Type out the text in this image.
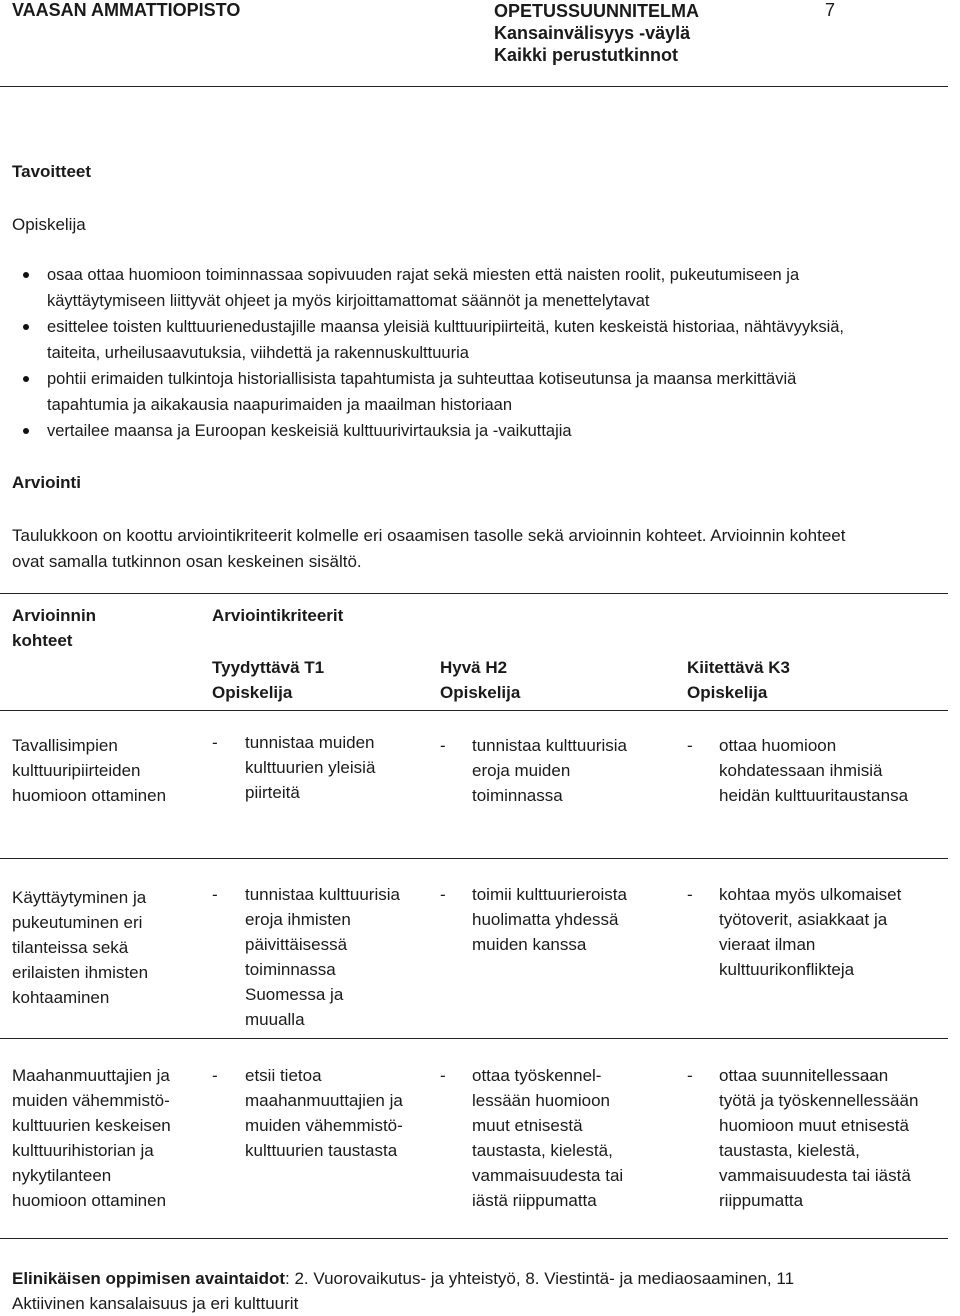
VAASAN AMMATTIOPISTO	OPETUSSUUNNITELMA
Kansainvälisyys -väylä
Kaikki perustutkinnot
7
Tavoitteet
Opiskelija
osaa ottaa huomioon toiminnassaa sopivuuden rajat sekä miesten että naisten roolit, pukeutumiseen ja
käyttäytymiseen liittyvät ohjeet ja myös kirjoittamattomat säännöt ja menettelytavat
esittelee toisten kulttuurienedustajille maansa yleisiä kulttuuripiirteitä, kuten keskeistä historiaa, nähtävyyksiä,
taiteita, urheilusaavutuksia, viihdettä ja rakennuskulttuuria
pohtii erimaiden tulkintoja historiallisista tapahtumista ja suhteuttaa kotiseutunsa ja maansa merkittäviä
tapahtumia ja aikakausia naapurimaiden ja maailman historiaan
vertailee maansa ja Euroopan keskeisiä kulttuurivirtauksia ja -vaikuttajia
Arviointi
Taulukkoon on koottu arviointikriteerit kolmelle eri osaamisen tasolle sekä arvioinnin kohteet. Arvioinnin kohteet
ovat samalla tutkinnon osan keskeinen sisältö.
Arvioinnin
kohteet
Arviointikriteerit
Tyydyttävä T1
Opiskelija
Hyvä H2
Opiskelija
Kiitettävä K3
Opiskelija
Tavallisimpien
kulttuuripiirteiden
huomioon ottaminen
- tunnistaa muiden
kulttuurien yleisiä
piirteitä
- tunnistaa kulttuurisia
eroja muiden
toiminnassa
- ottaa huomioon
kohdatessaan ihmisiä
heidän kulttuuritaustansa
Käyttäytyminen ja
pukeutuminen eri
tilanteissa sekä
erilaisten ihmisten
kohtaaminen
- tunnistaa kulttuurisia
eroja ihmisten
päivittäisessä
toiminnassa
Suomessa ja
muualla
- toimii kulttuurieroista
huolimatta yhdessä
muiden kanssa
- kohtaa myös ulkomaiset
työtoverit, asiakkaat ja
vieraat ilman
kulttuurikonflikteja
Maahanmuuttajien ja
muiden vähemmistö-
kulttuurien keskeisen
kulttuurihistorian ja
nykytilanteen
huomioon ottaminen
- etsii tietoa
maahanmuuttajien ja
muiden vähemmistö-
kulttuurien taustasta
- ottaa työskennel-
lessään huomioon
muut etnisestä
taustasta, kielestä,
vammaisuudesta tai
iästä riippumatta
- ottaa suunnitellessaan
työtä ja työskennellessään
huomioon muut etnisestä
taustasta, kielestä,
vammaisuudesta tai iästä
riippumatta
Elinikäisen oppimisen avaintaidot: 2. Vuorovaikutus- ja yhteistyö, 8. Viestintä- ja mediaosaaminen, 11
Aktiivinen kansalaisuus ja eri kulttuurit
